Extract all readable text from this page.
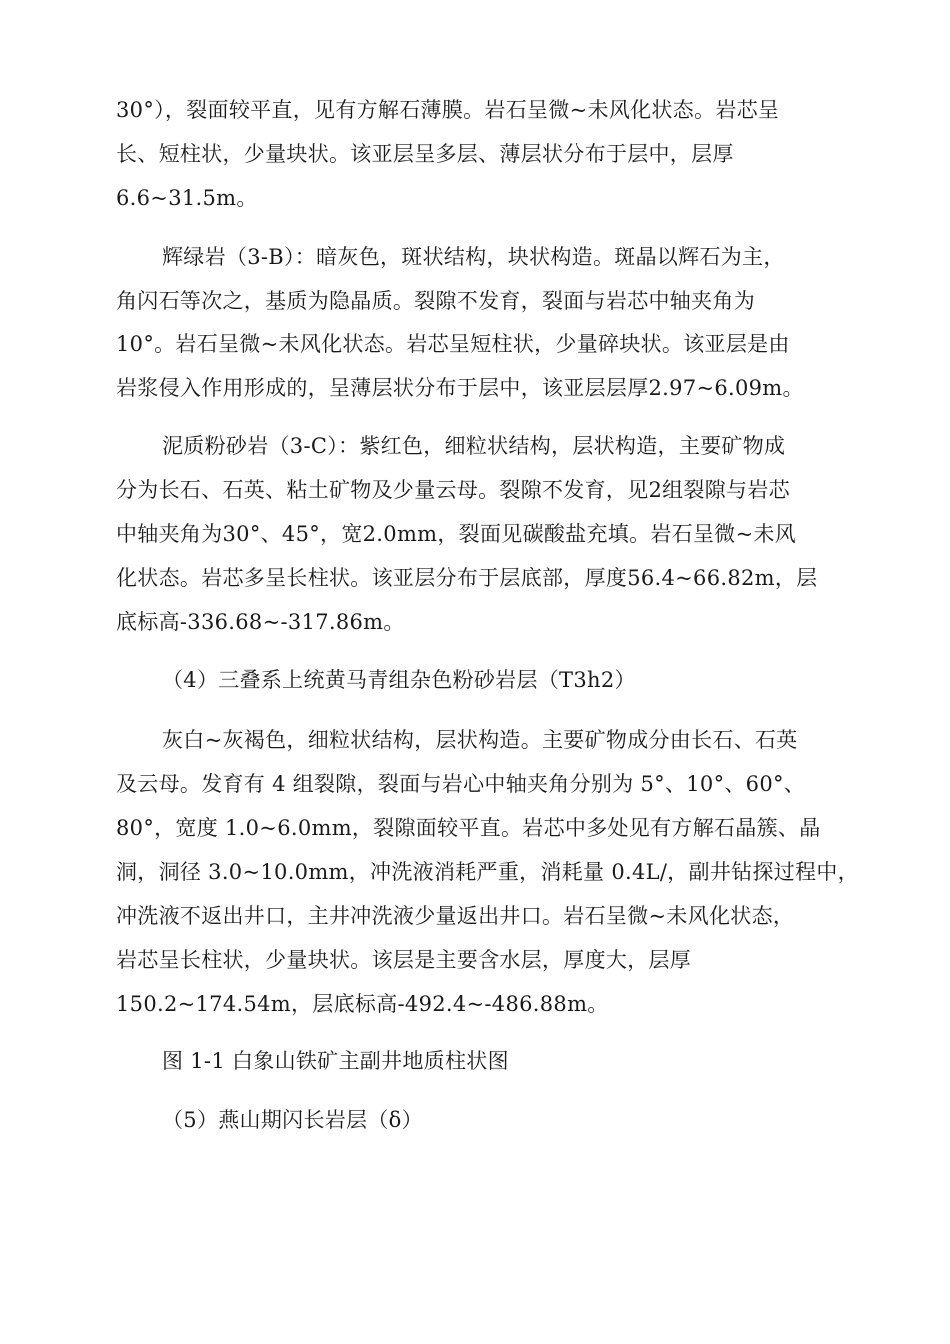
30°），裂面较平直，见有方解石薄膜。岩石呈微~未风化状态。岩芯呈
长、短柱状，少量块状。该亚层呈多层、薄层状分布于层中，层厚
6.6~31.5m。
辉绿岩（3-B）：暗灰色，斑状结构，块状构造。斑晶以辉石为主，
角闪石等次之，基质为隐晶质。裂隙不发育，裂面与岩芯中轴夹角为
10°。岩石呈微~未风化状态。岩芯呈短柱状，少量碎块状。该亚层是由
岩浆侵入作用形成的，呈薄层状分布于层中，该亚层层厚2.97~6.09m。
泥质粉砂岩（3-C）：紫红色，细粒状结构，层状构造，主要矿物成
分为长石、石英、粘土矿物及少量云母。裂隙不发育，见2组裂隙与岩芯
中轴夹角为30°、45°，宽2.0mm，裂面见碳酸盐充填。岩石呈微~未风
化状态。岩芯多呈长柱状。该亚层分布于层底部，厚度56.4~66.82m，层
底标高-336.68~-317.86m。
（4）三叠系上统黄马青组杂色粉砂岩层（T3h2）
灰白~灰褐色，细粒状结构，层状构造。主要矿物成分由长石、石英
及云母。发育有 4 组裂隙，裂面与岩心中轴夹角分别为 5°、10°、60°、
80°，宽度 1.0~6.0mm，裂隙面较平直。岩芯中多处见有方解石晶簇、晶
洞，洞径 3.0~10.0mm，冲洗液消耗严重，消耗量 0.4L/，副井钻探过程中，
冲洗液不返出井口，主井冲洗液少量返出井口。岩石呈微~未风化状态，
岩芯呈长柱状，少量块状。该层是主要含水层，厚度大，层厚
150.2~174.54m，层底标高-492.4~-486.88m。
图 1-1 白象山铁矿主副井地质柱状图
（5）燕山期闪长岩层（δ）
